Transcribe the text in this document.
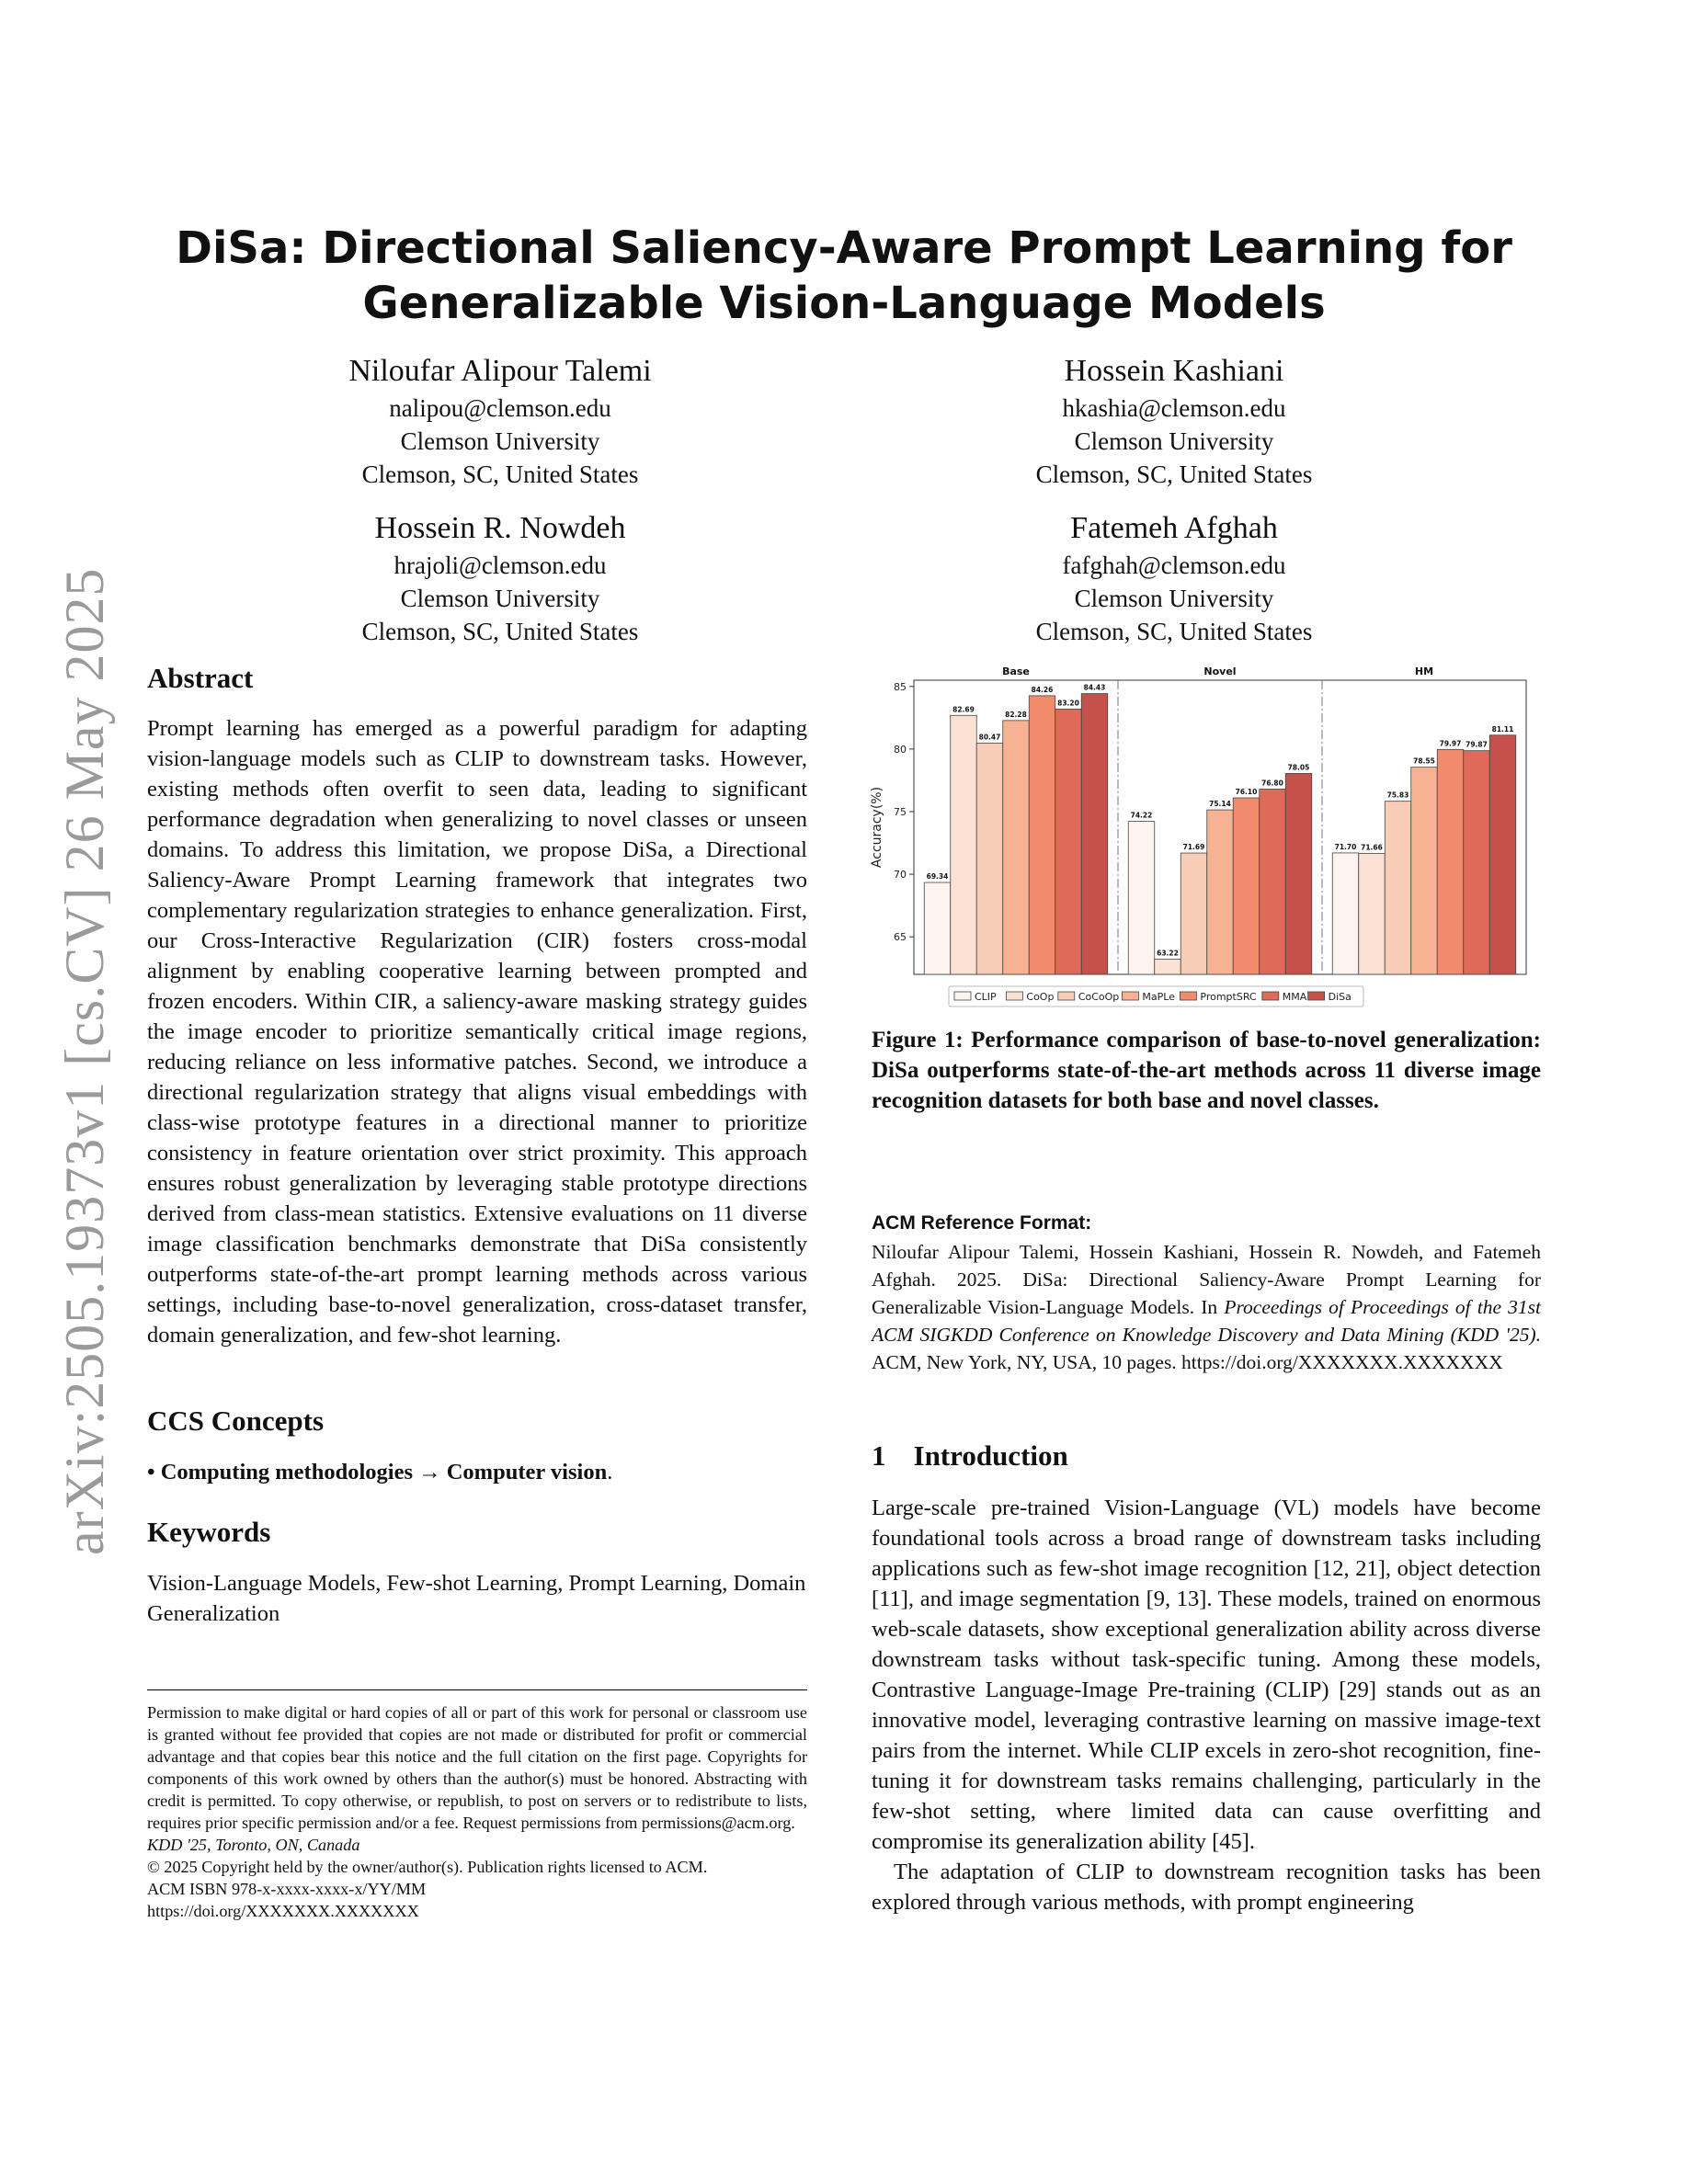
arXiv:2505.19373v1 [cs.CV] 26 May 2025
DiSa: Directional Saliency-Aware Prompt Learning for
Generalizable Vision-Language Models
Niloufar Alipour Talemi
nalipou@clemson.edu
Clemson University
Clemson, SC, United States
Hossein Kashiani
hkashia@clemson.edu
Clemson University
Clemson, SC, United States
Hossein R. Nowdeh
hrajoli@clemson.edu
Clemson University
Clemson, SC, United States
Fatemeh Afghah
fafghah@clemson.edu
Clemson University
Clemson, SC, United States
Abstract

Prompt learning has emerged as a powerful paradigm for adapting vision-language models such as CLIP to downstream tasks. However, existing methods often overfit to seen data, leading to significant performance degradation when generalizing to novel classes or unseen domains. To address this limitation, we propose DiSa, a Directional Saliency-Aware Prompt Learning framework that integrates two complementary regularization strategies to enhance generalization. First, our Cross-Interactive Regularization (CIR) fosters cross-modal alignment by enabling cooperative learning between prompted and frozen encoders. Within CIR, a saliency-aware masking strategy guides the image encoder to prioritize semantically critical image regions, reducing reliance on less informative patches. Second, we introduce a directional regularization strategy that aligns visual embeddings with class-wise prototype features in a directional manner to prioritize consistency in feature orientation over strict proximity. This approach ensures robust generalization by leveraging stable prototype directions derived from class-mean statistics. Extensive evaluations on 11 diverse image classification benchmarks demonstrate that DiSa consistently outperforms state-of-the-art prompt learning methods across various settings, including base-to-novel generalization, cross-dataset transfer, domain generalization, and few-shot learning.

CCS Concepts

• Computing methodologies → Computer vision.

Keywords

Vision-Language Models, Few-shot Learning, Prompt Learning, Domain Generalization

Permission to make digital or hard copies of all or part of this work for personal or classroom use is granted without fee provided that copies are not made or distributed for profit or commercial advantage and that copies bear this notice and the full citation on the first page. Copyrights for components of this work owned by others than the author(s) must be honored. Abstracting with credit is permitted. To copy otherwise, or republish, to post on servers or to redistribute to lists, requires prior specific permission and/or a fee. Request permissions from permissions@acm.org.

KDD '25, Toronto, ON, Canada

© 2025 Copyright held by the owner/author(s). Publication rights licensed to ACM.

ACM ISBN 978-x-xxxx-xxxx-x/YY/MM

https://doi.org/XXXXXXX.XXXXXXX

65
70
75
80
85
Accuracy(%)
Base
69.34
82.69
80.47
82.28
84.26
83.20
84.43
Novel
74.22
63.22
71.69
75.14
76.10
76.80
78.05
HM
71.70 71.66
75.83
78.55
79.97 79.87
81.11
CLIP	CoOp CoCoOp MaPLe PromptSRC	MMA DiSa

Figure 1: Performance comparison of base-to-novel generalization: DiSa outperforms state-of-the-art methods across 11 diverse image recognition datasets for both base and novel classes.

ACM Reference Format:

Niloufar Alipour Talemi, Hossein Kashiani, Hossein R. Nowdeh, and Fatemeh Afghah. 2025. DiSa: Directional Saliency-Aware Prompt Learning for Generalizable Vision-Language Models. In Proceedings of Proceedings of the 31st ACM SIGKDD Conference on Knowledge Discovery and Data Mining (KDD '25). ACM, New York, NY, USA, 10 pages. https://doi.org/XXXXXXX.XXXXXXX

1 Introduction

Large-scale pre-trained Vision-Language (VL) models have become foundational tools across a broad range of downstream tasks including applications such as few-shot image recognition [12, 21], object detection [11], and image segmentation [9, 13]. These models, trained on enormous web-scale datasets, show exceptional generalization ability across diverse downstream tasks without task-specific tuning. Among these models, Contrastive Language-Image Pre-training (CLIP) [29] stands out as an innovative model, leveraging contrastive learning on massive image-text pairs from the internet. While CLIP excels in zero-shot recognition, fine-tuning it for downstream tasks remains challenging, particularly in the few-shot setting, where limited data can cause overfitting and compromise its generalization ability [45].

The adaptation of CLIP to downstream recognition tasks has been explored through various methods, with prompt engineering
